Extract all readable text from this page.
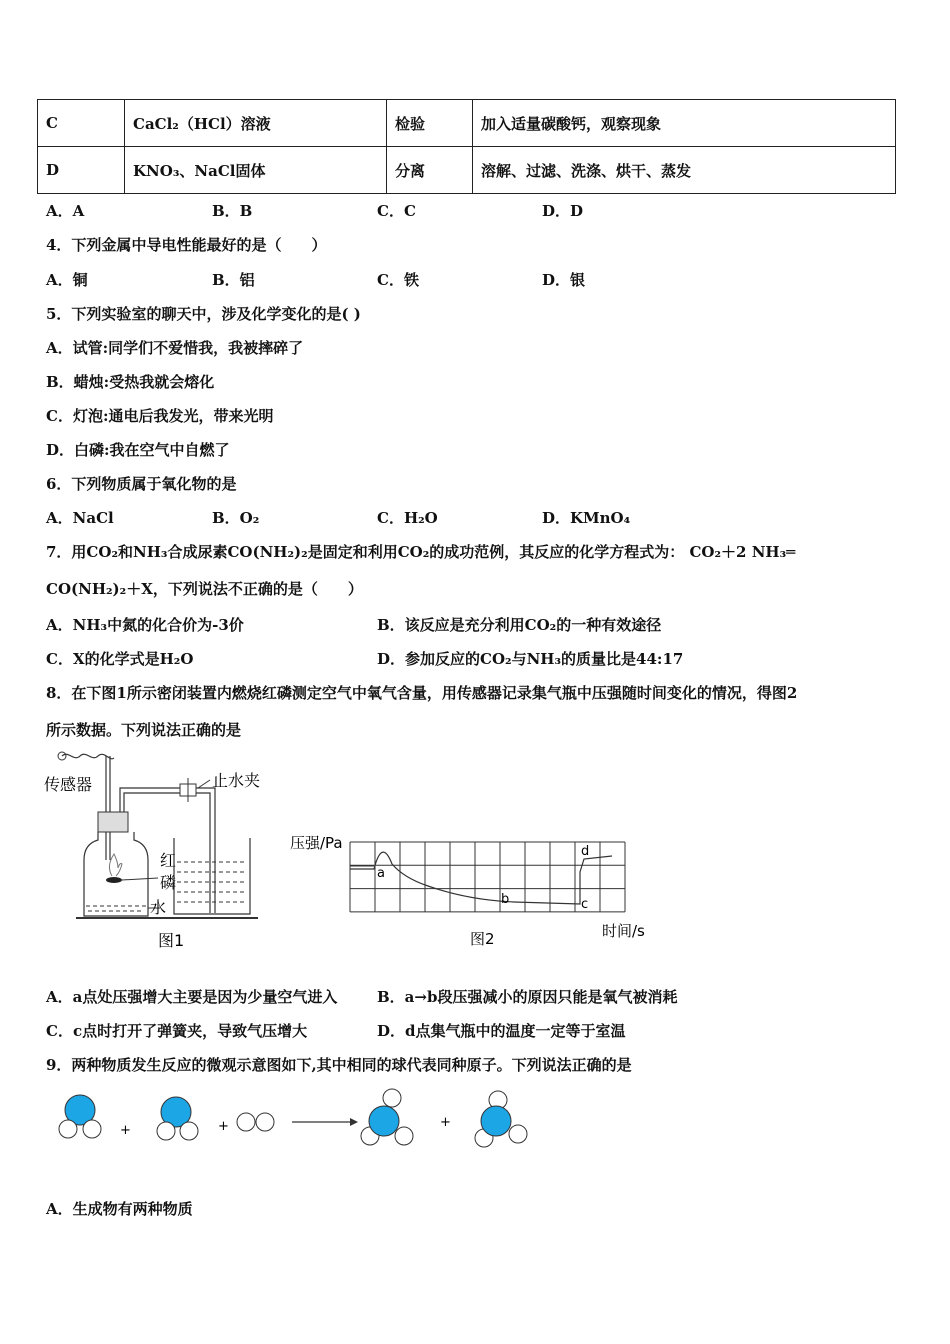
C	CaCl₂（HCl）溶液	检验	加入适量碳酸钙，观察现象
D	KNO₃、NaCl固体	分离	溶解、过滤、洗涤、烘干、蒸发
A．A	B．B	C．C	D．D
4．下列金属中导电性能最好的是（　　）
A．铜	B．铝	C．铁	D．银
5．下列实验室的聊天中，涉及化学变化的是( )
A．试管:同学们不爱惜我，我被摔碎了
B．蜡烛:受热我就会熔化
C．灯泡:通电后我发光，带来光明
D．白磷:我在空气中自燃了
6．下列物质属于氧化物的是
A．NaCl	B．O₂	C．H₂O	D．KMnO₄
7．用CO₂和NH₃合成尿素CO(NH₂)₂是固定和利用CO₂的成功范例，其反应的化学方程式为： CO₂＋2 NH₃═
CO(NH₂)₂＋X，下列说法不正确的是（　　）
A．NH₃中氮的化合价为-3价	B．该反应是充分利用CO₂的一种有效途径
C．X的化学式是H₂O	D．参加反应的CO₂与NH₃的质量比是44:17
8．在下图1所示密闭装置内燃烧红磷测定空气中氧气含量，用传感器记录集气瓶中压强随时间变化的情况，得图2
所示数据。下列说法正确的是
传感器	止水夹
红
磷
水
图1
压强/Pa
a
b	c
d
图2	时间/s
A．a点处压强增大主要是因为少量空气进入	B．a→b段压强减小的原因只能是氧气被消耗
C．c点时打开了弹簧夹，导致气压增大	D．d点集气瓶中的温度一定等于室温
9．两种物质发生反应的微观示意图如下,其中相同的球代表同种原子。下列说法正确的是
+	+	+
A．生成物有两种物质
